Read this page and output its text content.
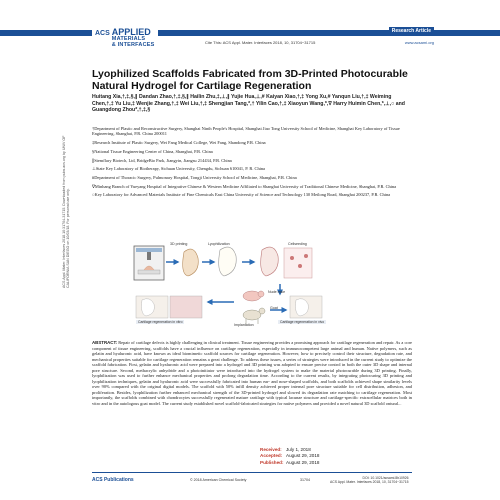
ACS APPLIED
MATERIALS
& INTERFACES
Research Article
www.acsami.org
Cite This: ACS Appl. Mater. Interfaces 2018, 10, 31704−31715
ACS Appl. Mater. Interfaces 2018.10:31704-31715. Downloaded from pubs.acs.org by UNIV OF CALIFORNIA SAN DIEGO on 10/03/18. For personal use only.
Lyophilized Scaffolds Fabricated from 3D-Printed Photocurable Natural Hydrogel for Cartilage Regeneration
Huitang Xia,†,‡,§,∥ Dandan Zhao,†,‡,§,∥ Hailin Zhu,‡,⊥,∥ Yujie Hua,⊥,# Kaiyan Xiao,†,‡ Yong Xu,# Yanqun Liu,†,‡ Weiming Chen,†,‡ Yu Liu,‡ Wenjie Zhang,†,‡ Wei Liu,†,‡ Shengjian Tang,*,† Yilin Cao,†,‡ Xiaoyun Wang,*,∇ Harry Huimin Chen,*,⊥,○ and Guangdong Zhou*,†,‡,§

†Department of Plastic and Reconstructive Surgery, Shanghai Ninth People's Hospital, Shanghai Jiao Tong University School of Medicine, Shanghai Key Laboratory of Tissue Engineering, Shanghai, P.R. China 200011

‡Research Institute of Plastic Surgery, Wei Fang Medical College, Wei Fang, Shandong P.R. China

§National Tissue Engineering Center of China, Shanghai, P.R. China

∥Stemflary Biotech, Ltd, BridgeBio Park, Jiangyin, Jiangsu 214434, P.R. China

⊥State Key Laboratory of Biotherapy, Sichuan University, Chengdu, Sichuan 610041, P. R. China

#Department of Thoracic Surgery, Pulmonary Hospital, Tongji University School of Medicine, Shanghai, P.R. China

∇Minhang Branch of Yueyang Hospital of Integrative Chinese & Western Medicine Affiliated to Shanghai University of Traditional Chinese Medicine, Shanghai, P.R. China

○Key Laboratory for Advanced Materials Institute of Fine Chemicals East China University of Science and Technology 130 Meilong Road, Shanghai 200237, P.R. China

3D printing	Lyophilization	Cellseeding
Nude mice
Goat
Implantation
Cartilage regeneration in vitro	Cartilage regeneration in vivo
ABSTRACT: Repair of cartilage defects is highly challenging in clinical treatment. Tissue engineering provides a promising approach for cartilage regeneration and repair. As a core component of tissue engineering, scaffolds have a crucial influence on cartilage regeneration, especially in immunocompetent large animal and human. Native polymers, such as gelatin and hyaluronic acid, have known as ideal biomimetic scaffold sources for cartilage regeneration. However, how to precisely control their structure, degradation rate, and mechanical properties suitable for cartilage regeneration remains a great challenge. To address these issues, a series of strategies were introduced in the current study to optimize the scaffold fabrication. First, gelatin and hyaluronic acid were prepared into a hydrogel and 3D printing was adopted to ensure precise control in both the outer 3D shape and internal pore structure. Second, methacrylic anhydride and a photoinitiator were introduced into the hydrogel system to make the material photocurable during 3D printing. Finally, lyophilization was used to further enhance mechanical properties and prolong degradation time. According to the current results, by integrating photocuring 3D printing and lyophilization techniques, gelatin and hyaluronic acid were successfully fabricated into human ear- and nose-shaped scaffolds, and both scaffolds achieved shape similarity levels over 90% compared with the original digital models. The scaffold with 50% infill density achieved proper internal pore structure suitable for cell distribution, adhesion, and proliferation. Besides, lyophilization further enhanced mechanical strength of the 3D-printed hydrogel and slowed its degradation rate matching to cartilage regeneration. Most importantly, the scaffolds combined with chondrocytes successfully regenerated mature cartilage with typical lacunae structure and cartilage-specific extracellular matrices both in vitro and in the autologous goat model. The current study established novel scaffold-fabricated strategies for native polymers and provided a novel natural 3D scaffold ontural...
Received: July 1, 2018
Accepted: August 29, 2018
Published: August 29, 2018
ACS Publications	© 2018 American Chemical Society	31704	DOI: 10.1021/acsami.8b10926
ACS Appl. Mater. Interfaces 2018, 10, 31704−31715
